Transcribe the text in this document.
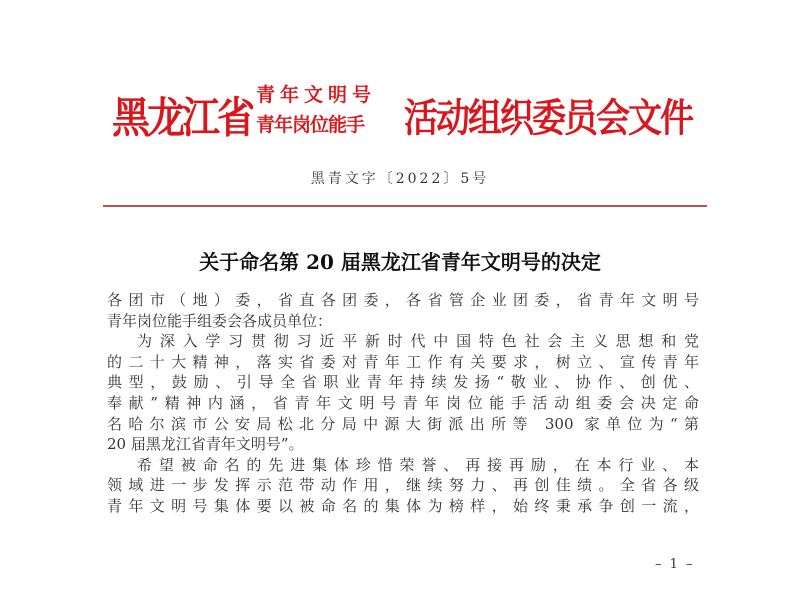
黑龙江省 青年文明号
青年岗位能手	活动组织委员会文件
黑青文字〔2022〕5号
关于命名第 20 届黑龙江省青年文明号的决定
各团市（地）委，省直各团委，各省管企业团委，省青年文明号
青年岗位能手组委会各成员单位：
为深入学习贯彻习近平新时代中国特色社会主义思想和党
的二十大精神，落实省委对青年工作有关要求，树立、宣传青年
典型，鼓励、引导全省职业青年持续发扬“敬业、协作、创优、
奉献”精神内涵，省青年文明号青年岗位能手活动组委会决定命
名哈尔滨市公安局松北分局中源大街派出所等 300 家单位为“第
20 届黑龙江省青年文明号”。
希望被命名的先进集体珍惜荣誉、再接再励，在本行业、本
领域进一步发挥示范带动作用，继续努力、再创佳绩。全省各级
青年文明号集体要以被命名的集体为榜样，始终秉承争创一流，
– 1 –
